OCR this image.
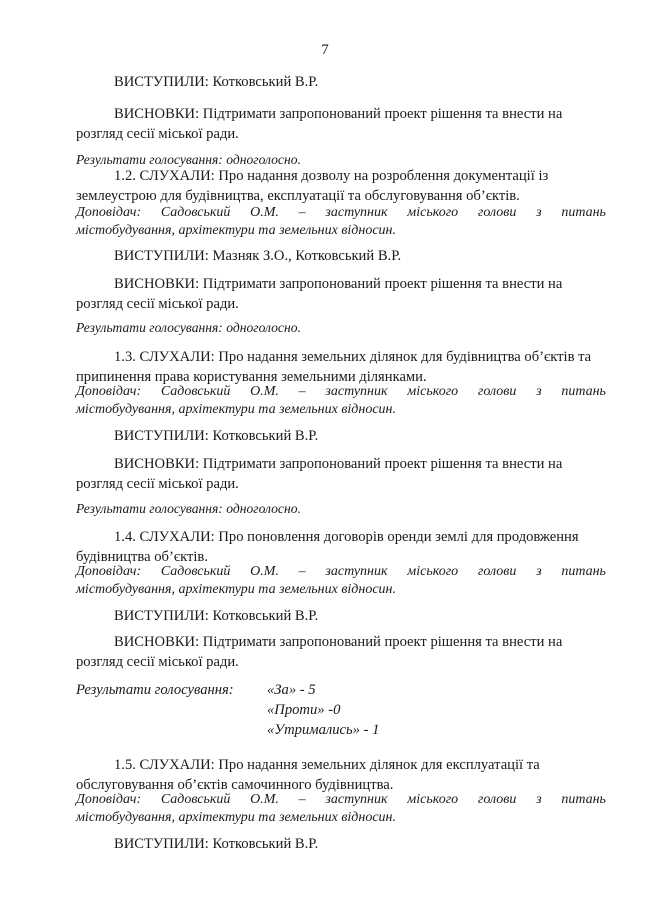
7
ВИСТУПИЛИ: Котковський В.Р.
ВИСНОВКИ: Підтримати запропонований проект рішення та внести на
розгляд сесії міської ради.
Результати голосування: одноголосно.
1.2. СЛУХАЛИ: Про надання дозволу на розроблення документації із
землеустрою для будівництва, експлуатації та обслуговування об’єктів.
Доповідач: Садовський О.М. – заступник міського голови з питань
містобудування, архітектури та земельних відносин.
ВИСТУПИЛИ: Мазняк З.О., Котковський В.Р.
ВИСНОВКИ: Підтримати запропонований проект рішення та внести на
розгляд сесії міської ради.
Результати голосування: одноголосно.
1.3. СЛУХАЛИ: Про надання земельних ділянок для будівництва об’єктів та
припинення права користування земельними ділянками.
Доповідач: Садовський О.М. – заступник міського голови з питань
містобудування, архітектури та земельних відносин.
ВИСТУПИЛИ: Котковський В.Р.
ВИСНОВКИ: Підтримати запропонований проект рішення та внести на
розгляд сесії міської ради.
Результати голосування: одноголосно.
1.4. СЛУХАЛИ: Про поновлення договорів оренди землі для продовження
будівництва об’єктів.
Доповідач: Садовський О.М. – заступник міського голови з питань
містобудування, архітектури та земельних відносин.
ВИСТУПИЛИ: Котковський В.Р.
ВИСНОВКИ: Підтримати запропонований проект рішення та внести на
розгляд сесії міської ради.
Результати голосування: «За» - 5
«Проти» -0
«Утримались» - 1
1.5. СЛУХАЛИ: Про надання земельних ділянок для експлуатації та
обслуговування об’єктів самочинного будівництва.
Доповідач: Садовський О.М. – заступник міського голови з питань
містобудування, архітектури та земельних відносин.
ВИСТУПИЛИ: Котковський В.Р.
